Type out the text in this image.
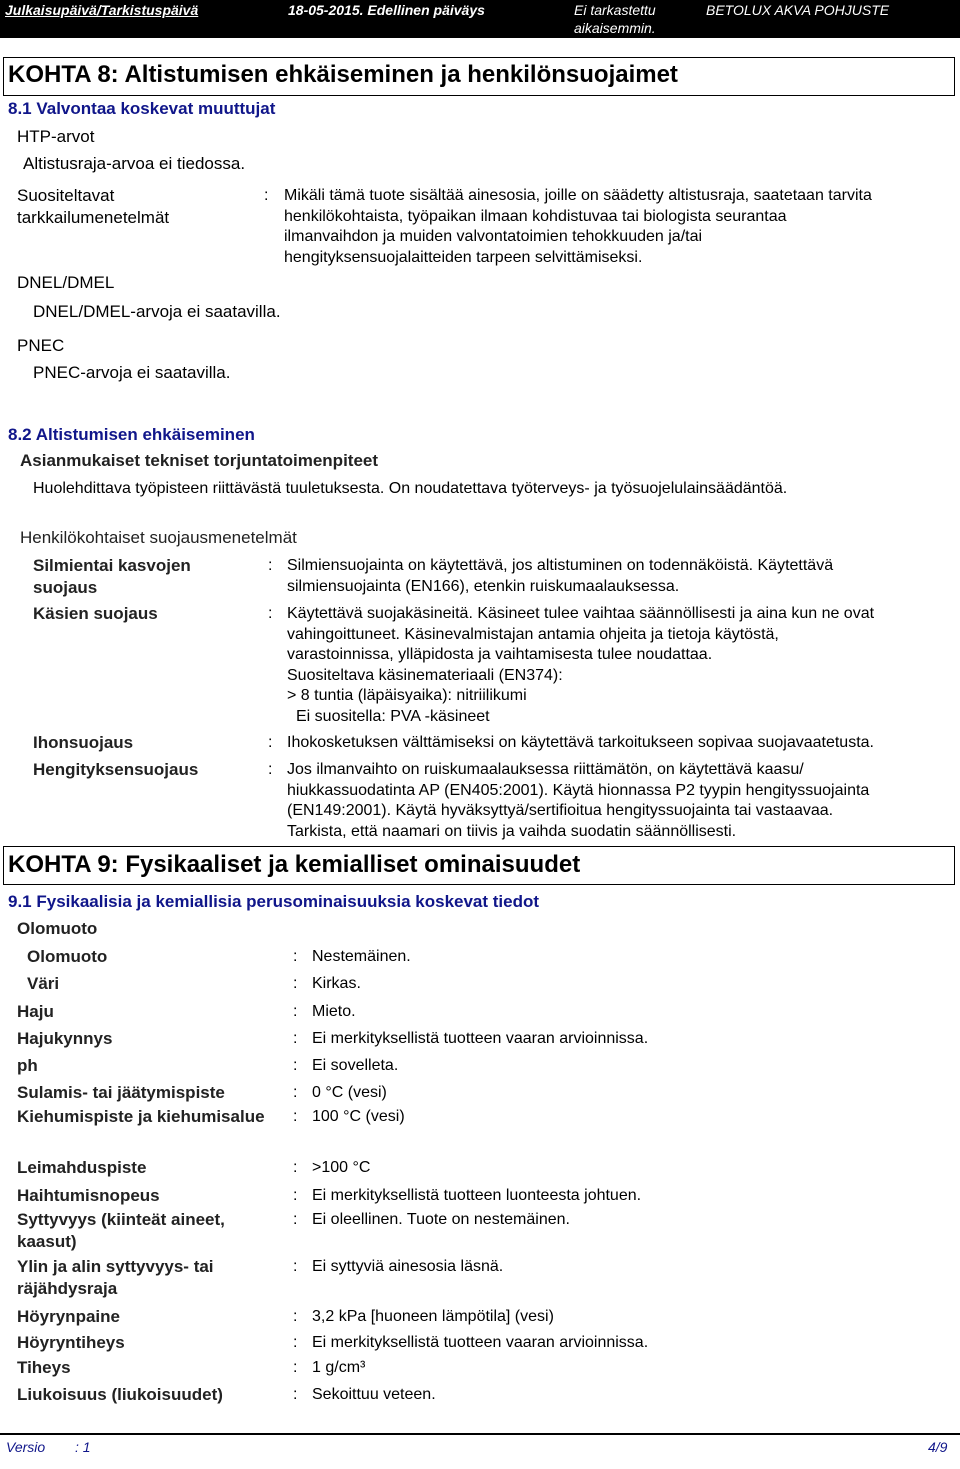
Julkaisupäivä/Tarkistuspäivä	18-05-2015. Edellinen päiväys	Ei tarkastettu
aikaisemmin.
BETOLUX AKVA POHJUSTE
KOHTA 8: Altistumisen ehkäiseminen ja henkilönsuojaimet
8.1 Valvontaa koskevat muuttujat
HTP-arvot
Altistusraja-arvoa ei tiedossa.
Suositeltavat
tarkkailumenetelmät
: Mikäli tämä tuote sisältää ainesosia, joille on säädetty altistusraja, saatetaan tarvita
henkilökohtaista, työpaikan ilmaan kohdistuvaa tai biologista seurantaa
ilmanvaihdon ja muiden valvontatoimien tehokkuuden ja/tai
hengityksensuojalaitteiden tarpeen selvittämiseksi.
DNEL/DMEL
DNEL/DMEL-arvoja ei saatavilla.
PNEC
PNEC-arvoja ei saatavilla.
8.2 Altistumisen ehkäiseminen
Asianmukaiset tekniset torjuntatoimenpiteet
Huolehdittava työpisteen riittävästä tuuletuksesta. On noudatettava työterveys- ja työsuojelulainsäädäntöä.
Henkilökohtaiset suojausmenetelmät
Silmientai kasvojen
suojaus
: Silmiensuojainta on käytettävä, jos altistuminen on todennäköistä. Käytettävä
silmiensuojainta (EN166), etenkin ruiskumaalauksessa.
Käsien suojaus	: Käytettävä suojakäsineitä. Käsineet tulee vaihtaa säännöllisesti ja aina kun ne ovat
vahingoittuneet. Käsinevalmistajan antamia ohjeita ja tietoja käytöstä,
varastoinnissa, ylläpidosta ja vaihtamisesta tulee noudattaa.
Suositeltava käsinemateriaali (EN374):
> 8 tuntia (läpäisyaika): nitriilikumi
Ei suositella: PVA -käsineet
Ihonsuojaus	: Ihokosketuksen välttämiseksi on käytettävä tarkoitukseen sopivaa suojavaatetusta.
Hengityksensuojaus	: Jos ilmanvaihto on ruiskumaalauksessa riittämätön, on käytettävä kaasu/
hiukkassuodatinta AP (EN405:2001). Käytä hionnassa P2 tyypin hengityssuojainta
(EN149:2001). Käytä hyväksyttyä/sertifioitua hengityssuojainta tai vastaavaa.
Tarkista, että naamari on tiivis ja vaihda suodatin säännöllisesti.
KOHTA 9: Fysikaaliset ja kemialliset ominaisuudet
9.1 Fysikaalisia ja kemiallisia perusominaisuuksia koskevat tiedot
Olomuoto
Olomuoto	: Nestemäinen.
Väri	: Kirkas.
Haju	: Mieto.
Hajukynnys	: Ei merkityksellistä tuotteen vaaran arvioinnissa.
ph	: Ei sovelleta.
Sulamis- tai jäätymispiste	: 0 °C (vesi)
Kiehumispiste ja kiehumisalue : 100 °C (vesi)
Leimahduspiste	: >100 °C
Haihtumisnopeus	: Ei merkityksellistä tuotteen luonteesta johtuen.
Syttyvyys (kiinteät aineet,
kaasut)
: Ei oleellinen. Tuote on nestemäinen.
Ylin ja alin syttyvyys- tai
räjähdysraja
: Ei syttyviä ainesosia läsnä.
Höyrynpaine	: 3,2 kPa [huoneen lämpötila] (vesi)
Höyryntiheys	: Ei merkityksellistä tuotteen vaaran arvioinnissa.
Tiheys	: 1 g/cm³
Liukoisuus (liukoisuudet)	: Sekoittuu veteen.
Versio : 1	4/9
